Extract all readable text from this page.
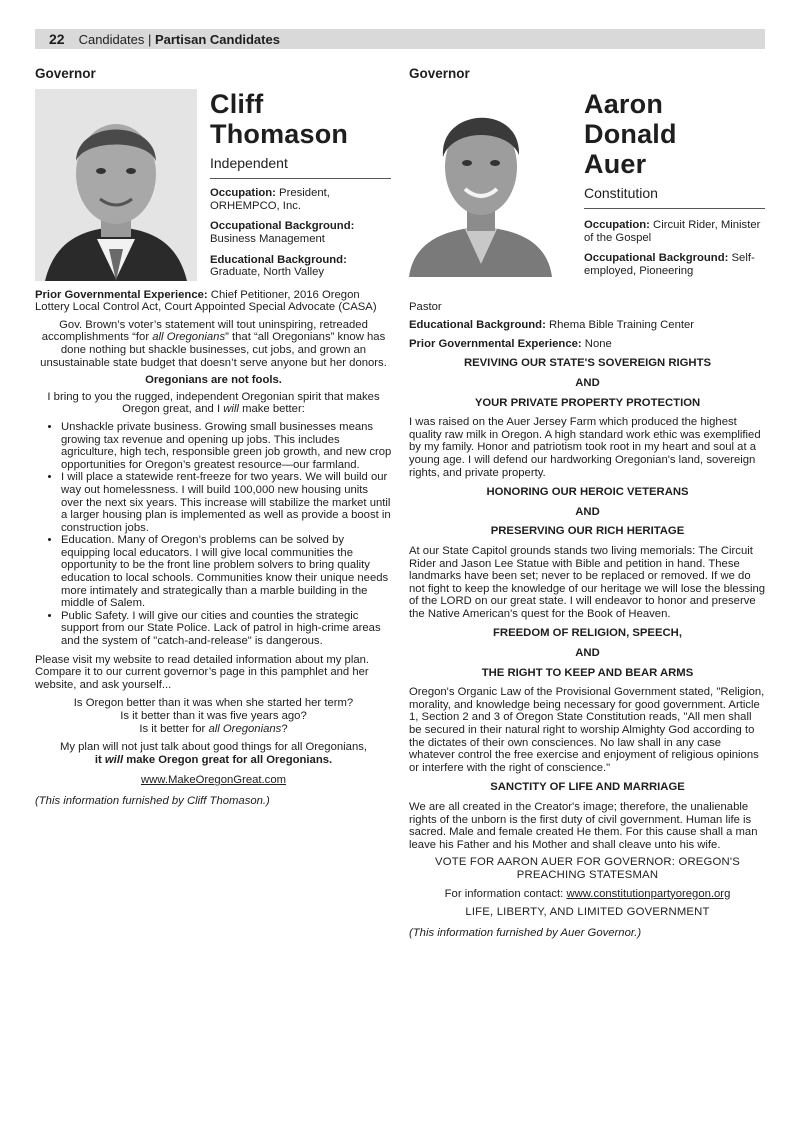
22 Candidates | Partisan Candidates
Governor
Cliff
Thomason
Independent
Occupation: President, ORHEMPCO, Inc.
Occupational Background: Business Management
Educational Background: Graduate, North Valley

Prior Governmental Experience: Chief Petitioner, 2016 Oregon Lottery Local Control Act, Court Appointed Special Advocate (CASA)

Gov. Brown’s voter’s statement will tout uninspiring, retreaded accomplishments “for all Oregonians” that “all Oregonians” know has done nothing but shackle businesses, cut jobs, and grown an unsustainable state budget that doesn’t serve anyone but her donors.

Oregonians are not fools.

I bring to you the rugged, independent Oregonian spirit that makes Oregon great, and I will make better:

• Unshackle private business. Growing small businesses means growing tax revenue and opening up jobs. This includes agriculture, high tech, responsible green job growth, and new crop opportunities for Oregon’s greatest resource—our farmland.
• I will place a statewide rent-freeze for two years. We will build our way out homelessness. I will build 100,000 new housing units over the next six years. This increase will stabilize the market until a larger housing plan is implemented as well as provide a boost in construction jobs.
• Education. Many of Oregon’s problems can be solved by equipping local educators. I will give local communities the opportunity to be the front line problem solvers to bring quality education to local schools. Communities know their unique needs more intimately and strategically than a marble building in the middle of Salem.
• Public Safety. I will give our cities and counties the strategic support from our State Police. Lack of patrol in high-crime areas and the system of "catch-and-release" is dangerous.

Please visit my website to read detailed information about my plan. Compare it to our current governor’s page in this pamphlet and her website, and ask yourself...

Is Oregon better than it was when she started her term?
Is it better than it was five years ago?
Is it better for all Oregonians?

My plan will not just talk about good things for all Oregonians,
it will make Oregon great for all Oregonians.

www.MakeOregonGreat.com

(This information furnished by Cliff Thomason.)

Governor
Aaron
Donald
Auer
Constitution
Occupation: Circuit Rider, Minister of the Gospel
Occupational Background: Self-employed, Pioneering

Pastor

Educational Background: Rhema Bible Training Center

Prior Governmental Experience: None

REVIVING OUR STATE'S SOVEREIGN RIGHTS
AND
YOUR PRIVATE PROPERTY PROTECTION

I was raised on the Auer Jersey Farm which produced the highest quality raw milk in Oregon. A high standard work ethic was exemplified by my family. Honor and patriotism took root in my heart and soul at a young age. I will defend our hardworking Oregonian's land, sovereign rights, and private property.

HONORING OUR HEROIC VETERANS
AND
PRESERVING OUR RICH HERITAGE

At our State Capitol grounds stands two living memorials: The Circuit Rider and Jason Lee Statue with Bible and petition in hand. These landmarks have been set; never to be replaced or removed. If we do not fight to keep the knowledge of our heritage we will lose the blessing of the LORD on our great state. I will endeavor to honor and preserve the Native American's quest for the Book of Heaven.

FREEDOM OF RELIGION, SPEECH,
AND
THE RIGHT TO KEEP AND BEAR ARMS

Oregon's Organic Law of the Provisional Government stated, "Religion, morality, and knowledge being necessary for good government. Article 1, Section 2 and 3 of Oregon State Constitution reads, "All men shall be secured in their natural right to worship Almighty God according to the dictates of their own consciences. No law shall in any case whatever control the free exercise and enjoyment of religious opinions or interfere with the right of conscience."

SANCTITY OF LIFE AND MARRIAGE

We are all created in the Creator's image; therefore, the unalienable rights of the unborn is the first duty of civil government. Human life is sacred. Male and female created He them. For this cause shall a man leave his Father and his Mother and shall cleave unto his wife.

VOTE FOR AARON AUER FOR GOVERNOR: OREGON'S PREACHING STATESMAN

For information contact: www.constitutionpartyoregon.org

LIFE, LIBERTY, AND LIMITED GOVERNMENT

(This information furnished by Auer Governor.)
